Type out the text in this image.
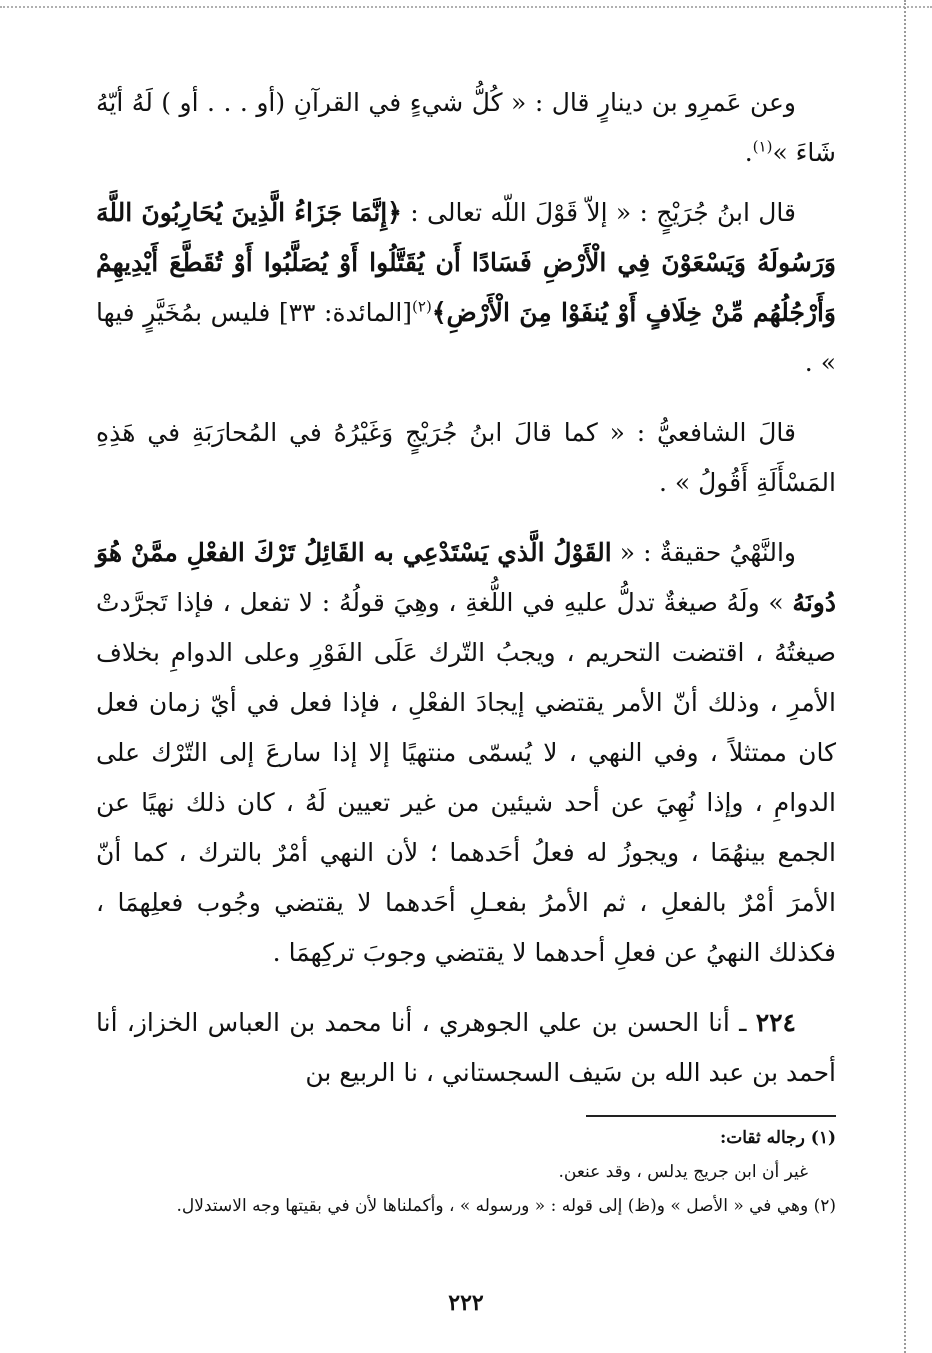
وعن عَمرِو بن دينارٍ قال : « كُلُّ شيءٍ في القرآنِ (أو . . . أو ) لَهُ أيّهُ شَاءَ »$^{(١)}$.

قال ابنُ جُرَيْجٍ : « إلاّ قَوْلَ اللّه تعالى : ﴿إِنَّمَا جَزَاءُ الَّذِينَ يُحَارِبُونَ اللَّهَ وَرَسُولَهُ وَيَسْعَوْنَ فِي الْأَرْضِ فَسَادًا أَن يُقَتَّلُوا أَوْ يُصَلَّبُوا أَوْ تُقَطَّعَ أَيْدِيهِمْ وَأَرْجُلُهُم مِّنْ خِلَافٍ أَوْ يُنفَوْا مِنَ الْأَرْضِ﴾$^{(٢)}$[المائدة: ٣٣] فليس بمُخَيَّرٍ فيها » .

قالَ الشافعيُّ : « كما قالَ ابنُ جُرَيْجٍ وَغَيْرُهُ في المُحارَبَةِ في هَذِهِ المَسْأَلَةِ أَقُولُ » .

والنَّهْيُ حقيقةٌ : « القَوْلُ الَّذي يَسْتَدْعِي به القَائِلُ تَرْكَ الفعْلِ ممَّنْ هُوَ دُونَهُ » ولَهُ صيغةٌ تدلُّ عليهِ في اللُّغةِ ، وهِيَ قولُهُ : لا تفعل ، فإذا تَجرَّدتْ صيغتُهُ ، اقتضت التحريم ، ويجبُ التّرك عَلَى الفَوْرِ وعلى الدوامِ بخلاف الأمرِ ، وذلك أنّ الأمر يقتضي إيجادَ الفعْلِ ، فإذا فعل في أيّ زمان فعل كان ممتثلاً ، وفي النهي ، لا يُسمّى منتهيًا إلا إذا سارعَ إلى التّرْك على الدوامِ ، وإذا نُهِيَ عن أحد شيئين من غير تعيين لَهُ ، كان ذلك نهيًا عن الجمع بينهُمَا ، ويجوزُ له فعلُ أحَدهما ؛ لأن النهي أمْرٌ بالترك ، كما أنّ الأمرَ أمْرٌ بالفعلِ ، ثم الأمرُ بفعـلِ أحَدهما لا يقتضي وجُوب فعلِهمَا ، فكذلك النهيُ عن فعلِ أحدهما لا يقتضي وجوبَ تركِهمَا .

٢٢٤ ـ أنا الحسن بن علي الجوهري ، أنا محمد بن العباس الخزاز، أنا أحمد بن عبد الله بن سَيف السجستاني ، نا الربيع بن

(١) رجاله ثقات:

غير أن ابن جريج يدلس ، وقد عنعن.

(٢) وهي في « الأصل » و(ظ) إلى قوله : « ورسوله » ، وأكملناها لأن في بقيتها وجه الاستدلال.

٢٢٢
